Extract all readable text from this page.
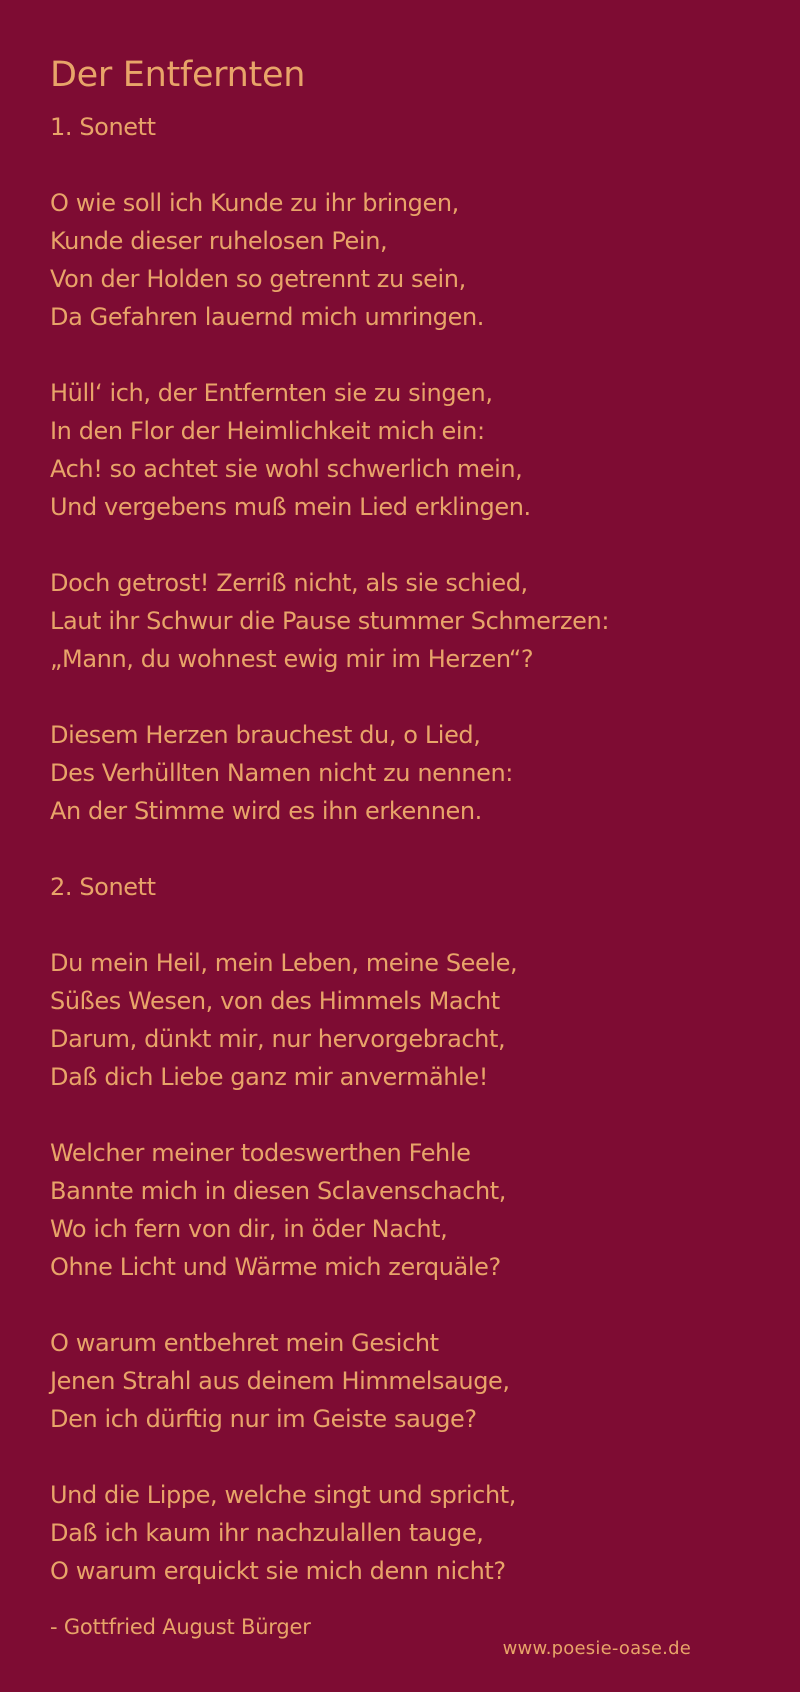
Der Entfernten
1. Sonett
O wie soll ich Kunde zu ihr bringen,
Kunde dieser ruhelosen Pein,
Von der Holden so getrennt zu sein,
Da Gefahren lauernd mich umringen.
Hüll‘ ich, der Entfernten sie zu singen,
In den Flor der Heimlichkeit mich ein:
Ach! so achtet sie wohl schwerlich mein,
Und vergebens muß mein Lied erklingen.
Doch getrost! Zerriß nicht, als sie schied,
Laut ihr Schwur die Pause stummer Schmerzen:
„Mann, du wohnest ewig mir im Herzen“?
Diesem Herzen brauchest du, o Lied,
Des Verhüllten Namen nicht zu nennen:
An der Stimme wird es ihn erkennen.
2. Sonett
Du mein Heil, mein Leben, meine Seele,
Süßes Wesen, von des Himmels Macht
Darum, dünkt mir, nur hervorgebracht,
Daß dich Liebe ganz mir anvermähle!
Welcher meiner todeswerthen Fehle
Bannte mich in diesen Sclavenschacht,
Wo ich fern von dir, in öder Nacht,
Ohne Licht und Wärme mich zerquäle?
O warum entbehret mein Gesicht
Jenen Strahl aus deinem Himmelsauge,
Den ich dürftig nur im Geiste sauge?
Und die Lippe, welche singt und spricht,
Daß ich kaum ihr nachzulallen tauge,
O warum erquickt sie mich denn nicht?
- Gottfried August Bürger
www.poesie-oase.de
